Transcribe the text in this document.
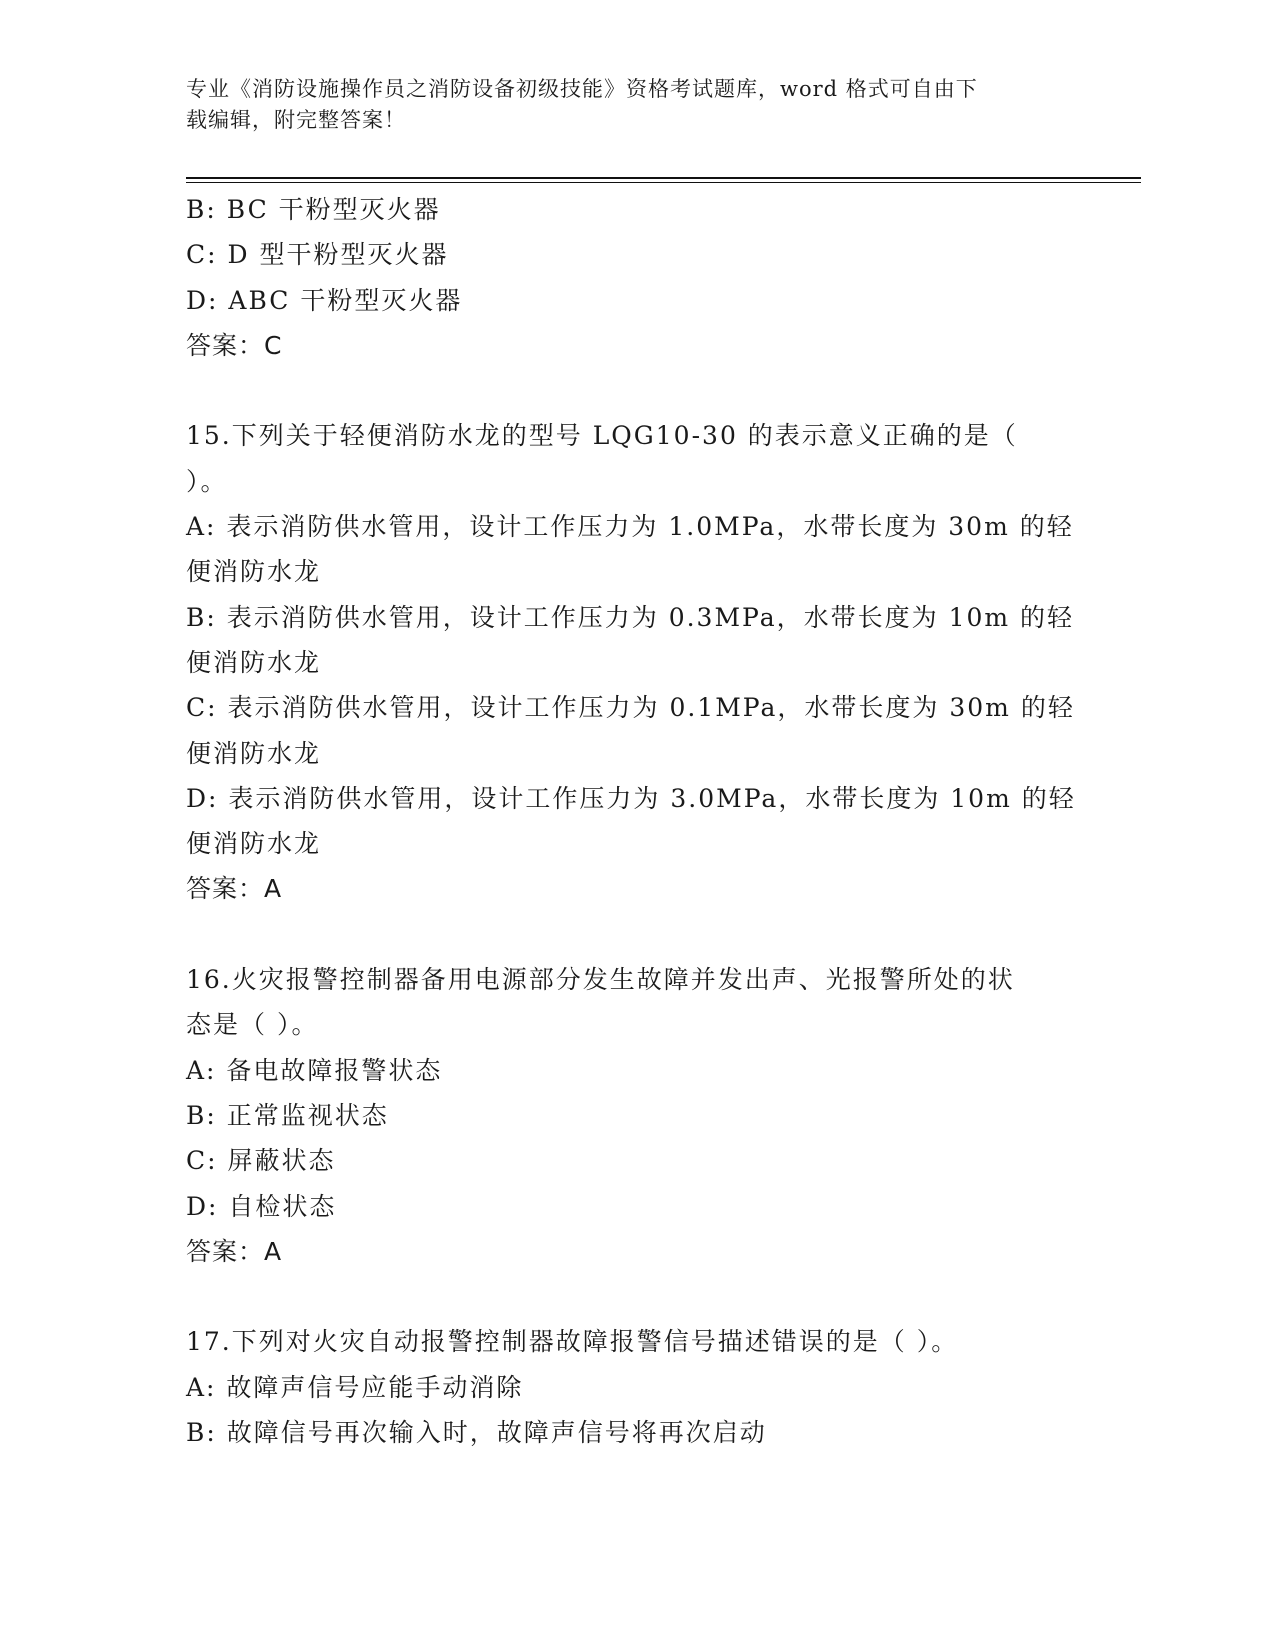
专业《消防设施操作员之消防设备初级技能》资格考试题库，word 格式可自由下
载编辑，附完整答案！
B: BC 干粉型灭火器
C: D 型干粉型灭火器
D: ABC 干粉型灭火器
答案：C
15.下列关于轻便消防水龙的型号 LQG10-30 的表示意义正确的是（
）。
A: 表示消防供水管用，设计工作压力为 1.0MPa，水带长度为 30m 的轻
便消防水龙
B: 表示消防供水管用，设计工作压力为 0.3MPa，水带长度为 10m 的轻
便消防水龙
C: 表示消防供水管用，设计工作压力为 0.1MPa，水带长度为 30m 的轻
便消防水龙
D: 表示消防供水管用，设计工作压力为 3.0MPa，水带长度为 10m 的轻
便消防水龙
答案：A
16.火灾报警控制器备用电源部分发生故障并发出声、光报警所处的状
态是（ ）。
A: 备电故障报警状态
B: 正常监视状态
C: 屏蔽状态
D: 自检状态
答案：A
17.下列对火灾自动报警控制器故障报警信号描述错误的是（ ）。
A: 故障声信号应能手动消除
B: 故障信号再次输入时，故障声信号将再次启动
